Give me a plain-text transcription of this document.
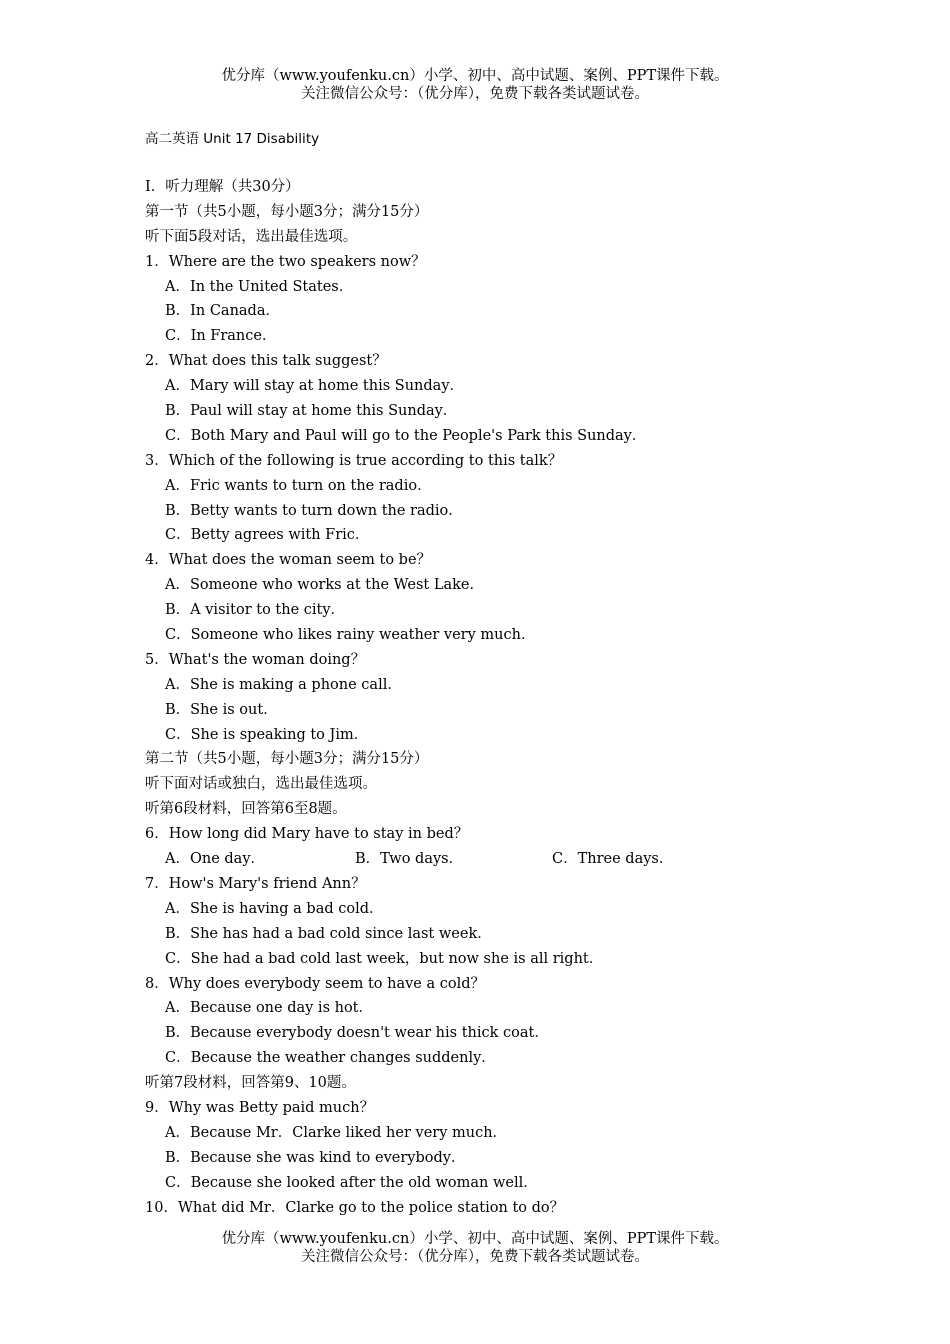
优分库（www.youfenku.cn）小学、初中、高中试题、案例、PPT课件下载。
关注微信公众号：（优分库），免费下载各类试题试卷。
高二英语 Unit 17 Disability
Ⅰ．听力理解（共30分）
第一节（共5小题，每小题3分；满分15分）
听下面5段对话，选出最佳选项。
1．Where are the two speakers now？
A．In the United States．
B．In Canada．
C．In France．
2．What does this talk suggest？
A．Mary will stay at home this Sunday．
B．Paul will stay at home this Sunday．
C．Both Mary and Paul will go to the People's Park this Sunday．
3．Which of the following is true according to this talk？
A．Fric wants to turn on the radio．
B．Betty wants to turn down the radio．
C．Betty agrees with Fric．
4．What does the woman seem to be？
A．Someone who works at the West Lake．
B．A visitor to the city．
C．Someone who likes rainy weather very much．
5．What's the woman doing？
A．She is making a phone call．
B．She is out．
C．She is speaking to Jim．
第二节（共5小题，每小题3分；满分15分）
听下面对话或独白，选出最佳选项。
听第6段材料，回答第6至8题。
6．How long did Mary have to stay in bed？
A．One day．	B．Two days．	C．Three days．
7．How's Mary's friend Ann？
A．She is having a bad cold．
B．She has had a bad cold since last week．
C．She had a bad cold last week，but now she is all right．
8．Why does everybody seem to have a cold？
A．Because one day is hot．
B．Because everybody doesn't wear his thick coat．
C．Because the weather changes suddenly．
听第7段材料，回答第9、10题。
9．Why was Betty paid much？
A．Because Mr．Clarke liked her very much．
B．Because she was kind to everybody．
C．Because she looked after the old woman well．
10．What did Mr．Clarke go to the police station to do？
优分库（www.youfenku.cn）小学、初中、高中试题、案例、PPT课件下载。
关注微信公众号：（优分库），免费下载各类试题试卷。
